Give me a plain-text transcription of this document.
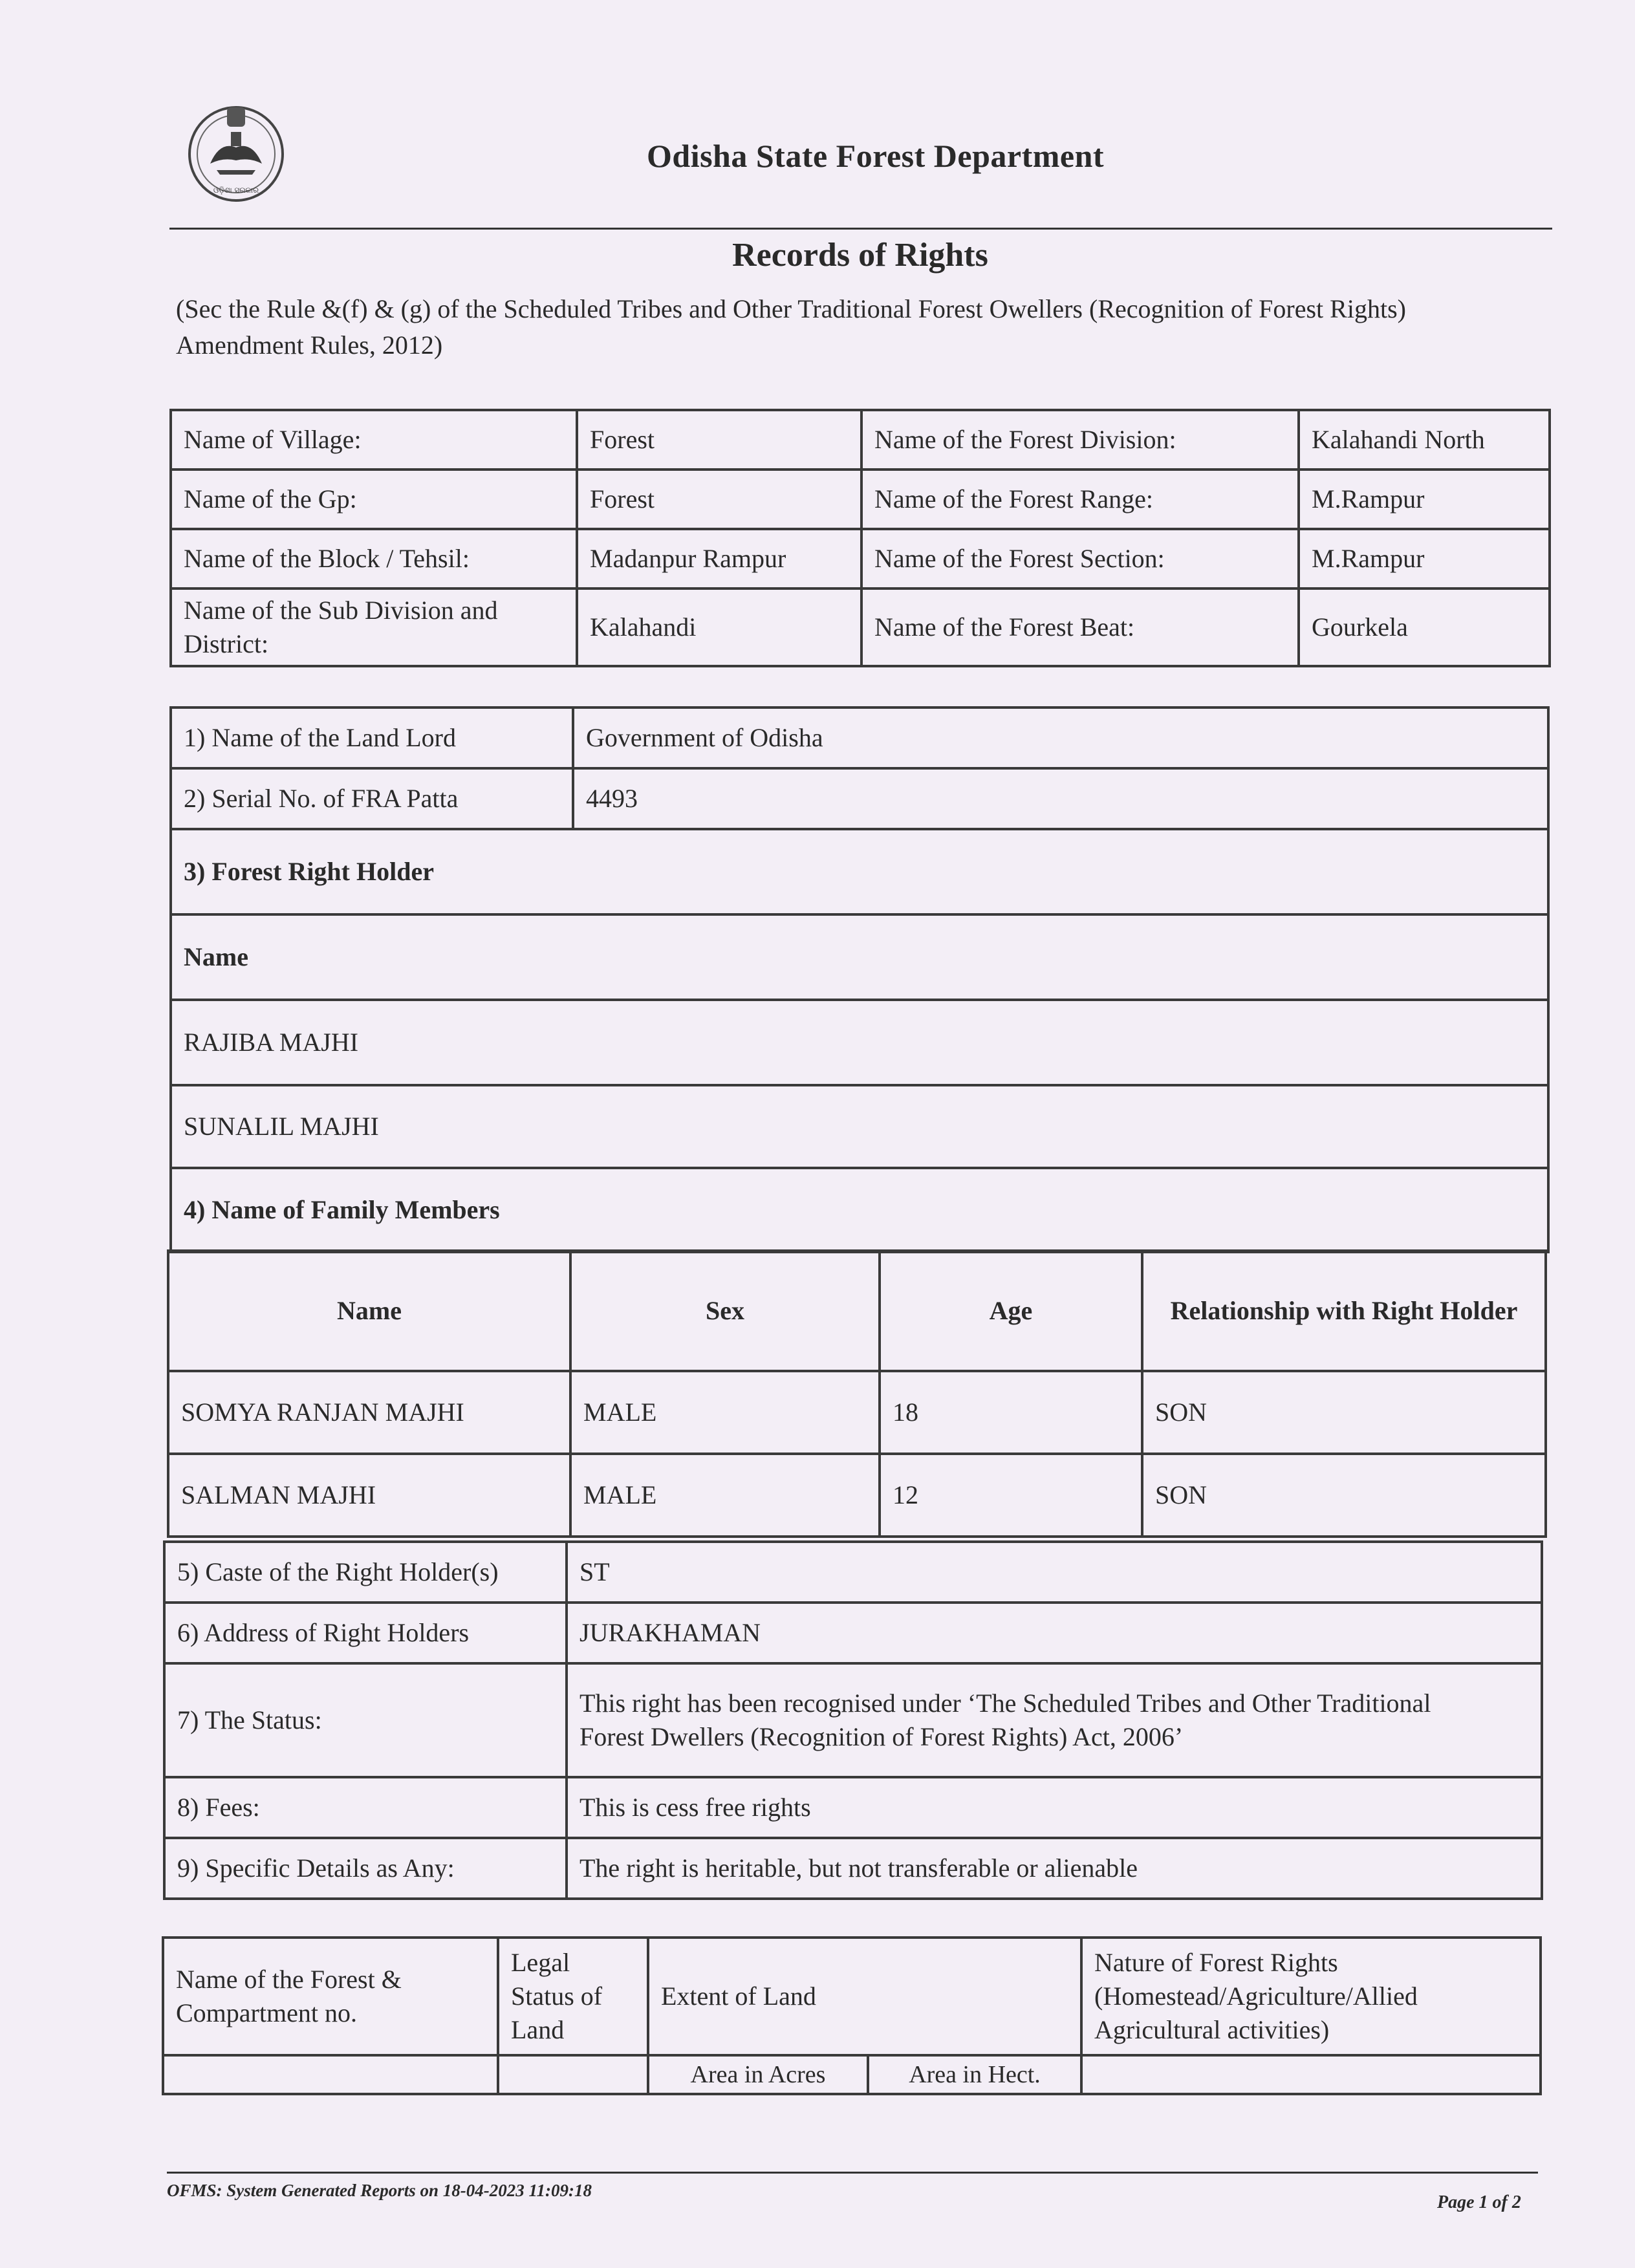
ଓଡ଼ିଶା ସରକାର
Odisha State Forest Department
Records of Rights
(Sec the Rule &(f) & (g) of the Scheduled Tribes and Other Traditional Forest Owellers (Recognition of Forest Rights) Amendment Rules, 2012)
Name of Village:	Forest	Name of the Forest Division:	Kalahandi North
Name of the Gp:	Forest	Name of the Forest Range:	M.Rampur
Name of the Block / Tehsil:	Madanpur Rampur	Name of the Forest Section:	M.Rampur
Name of the Sub Division and District:	Kalahandi	Name of the Forest Beat:	Gourkela
1) Name of the Land Lord	Government of Odisha
2) Serial No. of FRA Patta	4493
3) Forest Right Holder	
Name	
RAJIBA MAJHI	
SUNALIL MAJHI	
4) Name of Family Members	
Name	Sex	Age	Relationship with Right Holder
SOMYA RANJAN MAJHI	MALE	18	SON
SALMAN MAJHI	MALE	12	SON
5) Caste of the Right Holder(s)	ST
6) Address of Right Holders	JURAKHAMAN
7) The Status:	This right has been recognised under ‘The Scheduled Tribes and Other Traditional
Forest Dwellers (Recognition of Forest Rights) Act, 2006’

8) Fees:	This is cess free rights
9) Specific Details as Any:	The right is heritable, but not transferable or alienable
Name of the Forest & Compartment no.	Legal Status of Land	Extent of Land		Nature of Forest Rights (Homestead/Agriculture/Allied Agricultural activities)
		Area in Acres	Area in Hect.	
OFMS: System Generated Reports on 18-04-2023 11:09:18
Page 1 of 2
